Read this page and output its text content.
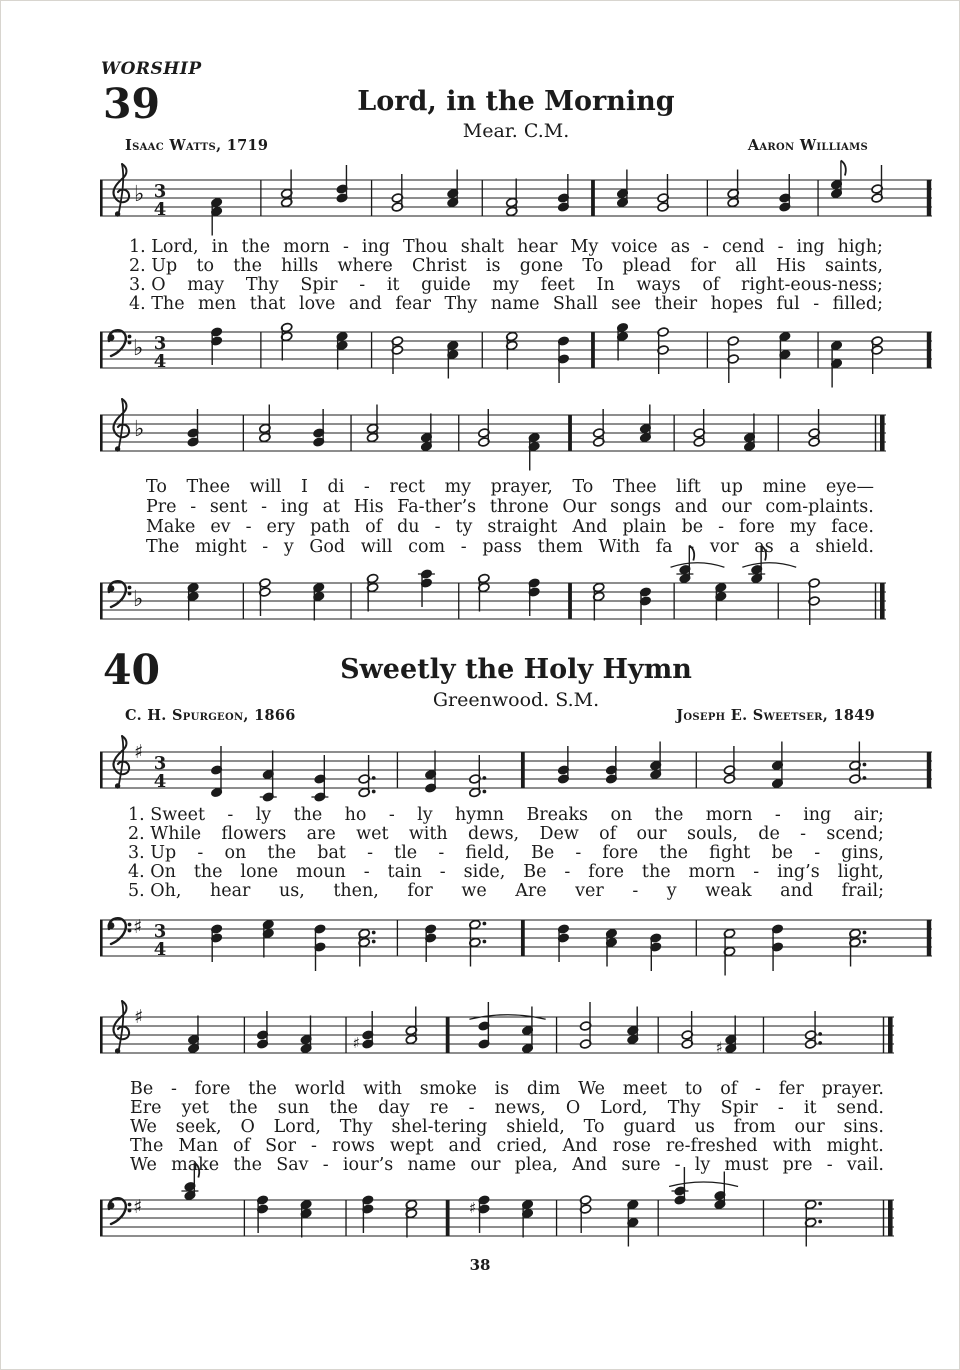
WORSHIP
39	Lord, in the Morning
Mear. C.M.
Isaac Watts, 1719	Aaron Williams
♭ 3
4
1. Lord, in the morn - ing Thou shalt hear My voice as - cend - ing high;
2. Up to the hills where Christ is gone To plead for all His saints,
3. O may Thy Spir - it guide my feet In ways of right-eous-ness;
4. The men that love and fear Thy name Shall see their hopes ful - filled;
♭ 3
4
♭
To Thee will I di - rect my prayer, To Thee lift up mine eye—
Pre - sent - ing at His Fa-ther’s throne Our songs and our com-plaints.
Make ev - ery path of du - ty straight And plain be - fore my face.
The might - y God will com - pass them With fa - vor as a shield.
♭
40	Sweetly the Holy Hymn
Greenwood. S.M.
C. H. Spurgeon, 1866	Joseph E. Sweetser, 1849
♯
3
4
1. Sweet - ly the ho - ly hymn Breaks on the morn - ing air;
2. While flowers are wet with dews, Dew of our souls, de - scend;
3. Up - on the bat - tle - field, Be - fore the fight be - gins,
4. On the lone moun - tain - side, Be - fore the morn - ing’s light,
5. Oh, hear us, then, for we Are ver - y weak and frail;
♯ 3
4
♯
♯	♯
Be - fore the world with smoke is dim We meet to of - fer prayer.
Ere yet the sun the day re - news, O Lord, Thy Spir - it send.
We seek, O Lord, Thy shel-tering shield, To guard us from our sins.
The Man of Sor - rows wept and cried, And rose re-freshed with might.
We make the Sav - iour’s name our plea, And sure - ly must pre - vail.
♯	♯
38
